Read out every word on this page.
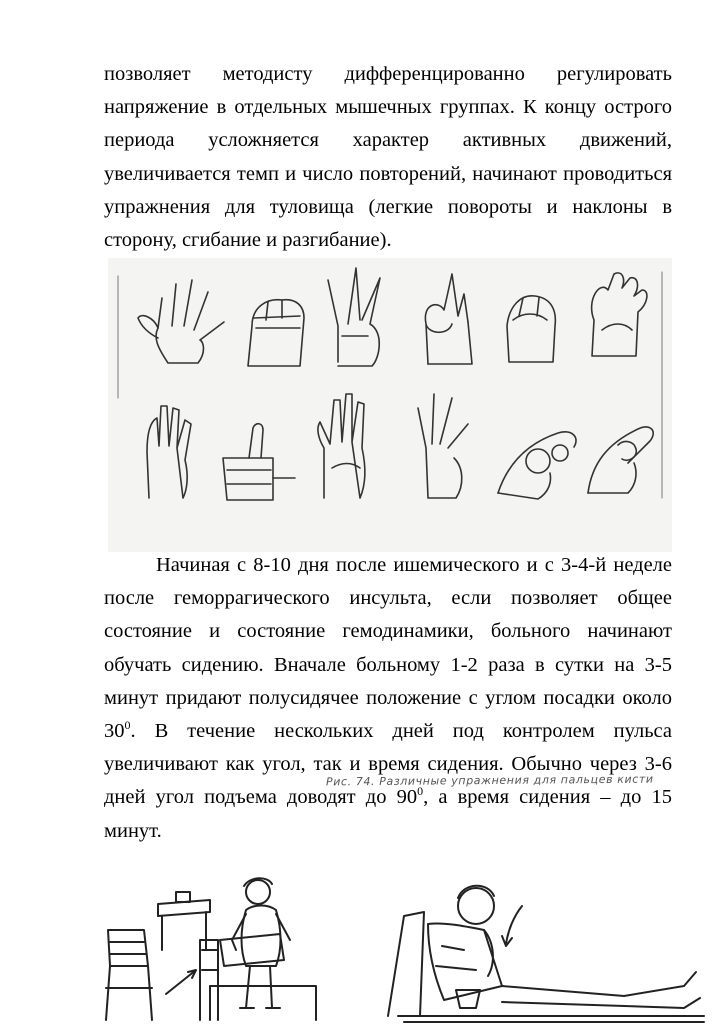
позволяет методисту дифференцированно регулировать напряжение в отдельных мышечных группах. К концу острого периода усложняется характер активных движений, увеличивается темп и число повторений, начинают проводиться упражнения для туловища (легкие повороты и наклоны в сторону, сгибание и разгибание).

Рис. 74. Различные упражнения для пальцев кисти

Начиная с 8-10 дня после ишемического и с 3-4-й неделе после геморрагического инсульта, если позволяет общее состояние и состояние гемодинамики, больного начинают обучать сидению. Вначале больному 1-2 раза в сутки на 3-5 минут придают полусидячее положение с углом посадки около $30^0$. В течение нескольких дней под контролем пульса увеличивают как угол, так и время сидения. Обычно через 3-6 дней угол подъема доводят до $90^0$, а время сидения – до 15 минут.
